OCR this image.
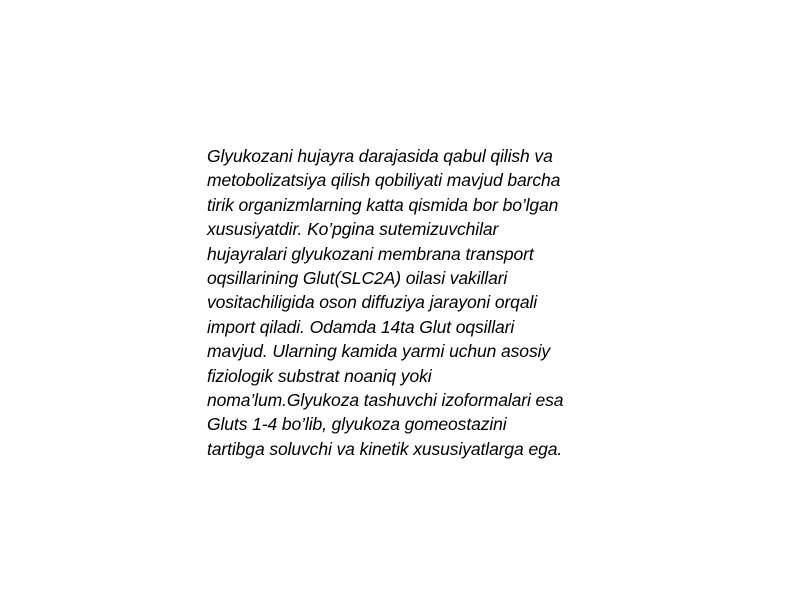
Glyukozani hujayra darajasida qabul qilish va
metobolizatsiya qilish qobiliyati mavjud barcha
tirik organizmlarning katta qismida bor bo’lgan
xususiyatdir. Ko’pgina sutemizuvchilar
hujayralari glyukozani membrana transport
oqsillarining Glut(SLC2A) oilasi vakillari
vositachiligida oson diffuziya jarayoni orqali
import qiladi. Odamda 14ta Glut oqsillari
mavjud. Ularning kamida yarmi uchun asosiy
fiziologik substrat noaniq yoki
noma’lum.Glyukoza tashuvchi izoformalari esa
Gluts 1-4 bo’lib, glyukoza gomeostazini
tartibga soluvchi va kinetik xususiyatlarga ega.
